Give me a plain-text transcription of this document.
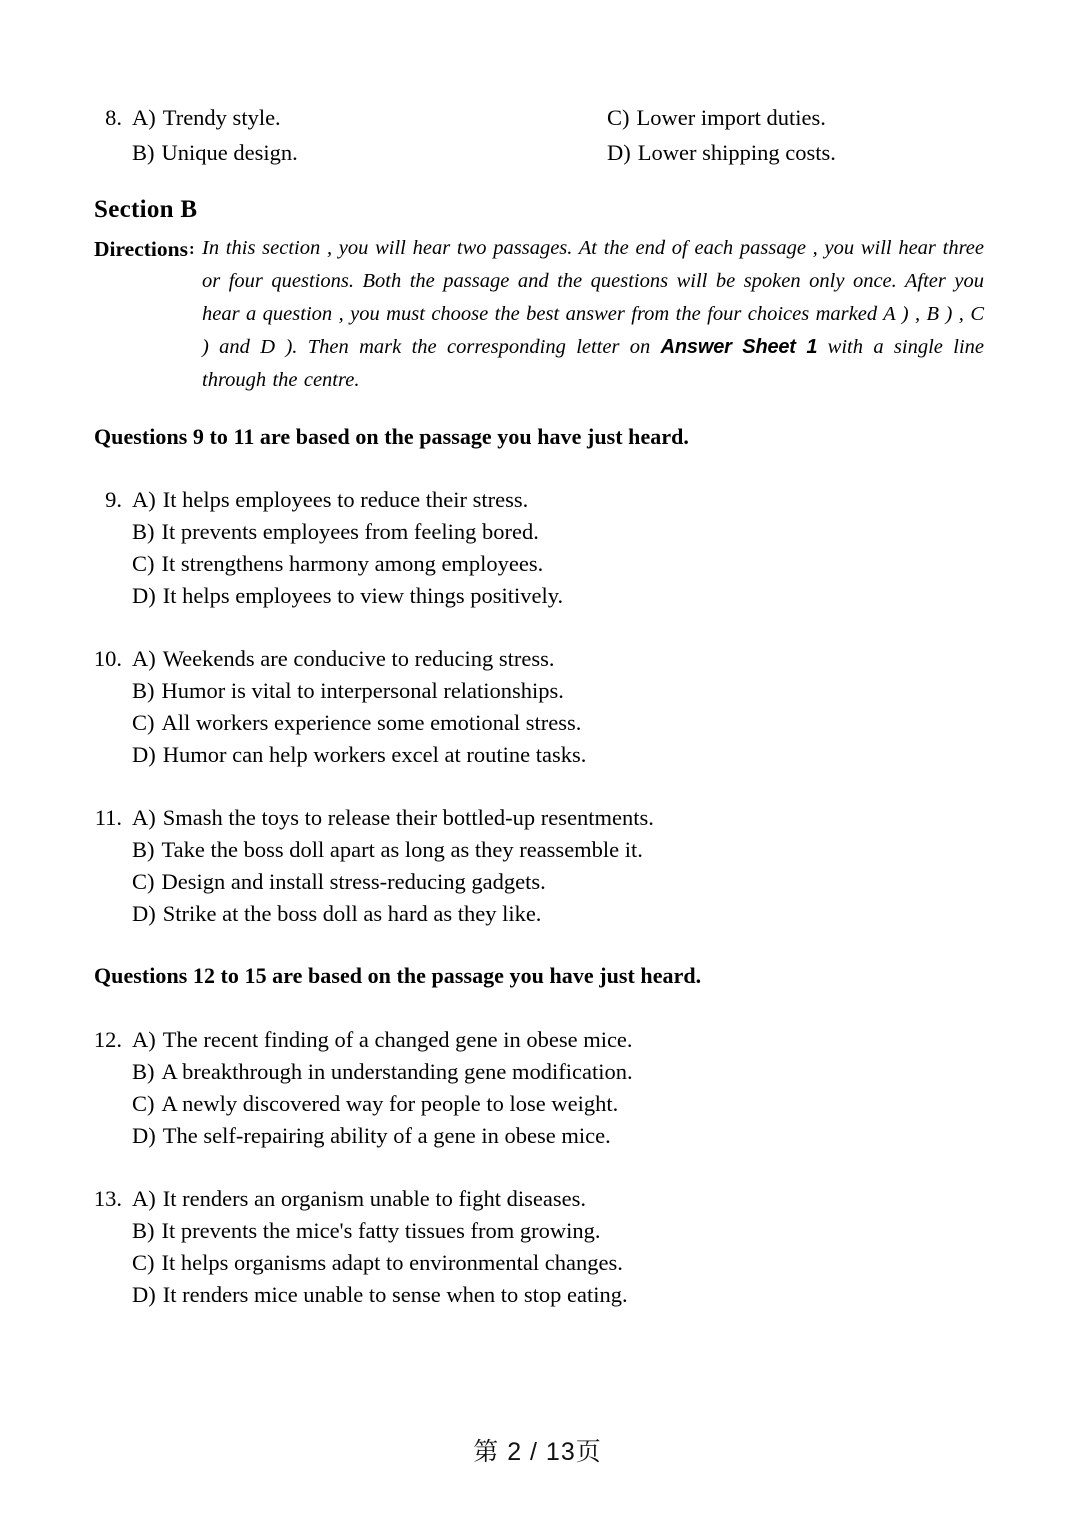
8. A) Trendy style.	C) Lower import duties.
B) Unique design.	D) Lower shipping costs.
Section B
Directions: In this section , you will hear two passages. At the end of each passage , you will hear three or four questions. Both the passage and the questions will be spoken only once. After you hear a question , you must choose the best answer from the four choices marked A ) , B ) , C ) and D ). Then mark the corresponding letter on Answer Sheet 1 with a single line through the centre.
Questions 9 to 11 are based on the passage you have just heard.
9. A) It helps employees to reduce their stress.
B) It prevents employees from feeling bored.
C) It strengthens harmony among employees.
D) It helps employees to view things positively.
10. A) Weekends are conducive to reducing stress.
B) Humor is vital to interpersonal relationships.
C) All workers experience some emotional stress.
D) Humor can help workers excel at routine tasks.
11. A) Smash the toys to release their bottled-up resentments.
B) Take the boss doll apart as long as they reassemble it.
C) Design and install stress-reducing gadgets.
D) Strike at the boss doll as hard as they like.
Questions 12 to 15 are based on the passage you have just heard.
12. A) The recent finding of a changed gene in obese mice.
B) A breakthrough in understanding gene modification.
C) A newly discovered way for people to lose weight.
D) The self-repairing ability of a gene in obese mice.
13. A) It renders an organism unable to fight diseases.
B) It prevents the mice's fatty tissues from growing.
C) It helps organisms adapt to environmental changes.
D) It renders mice unable to sense when to stop eating.
第 2 / 13页
